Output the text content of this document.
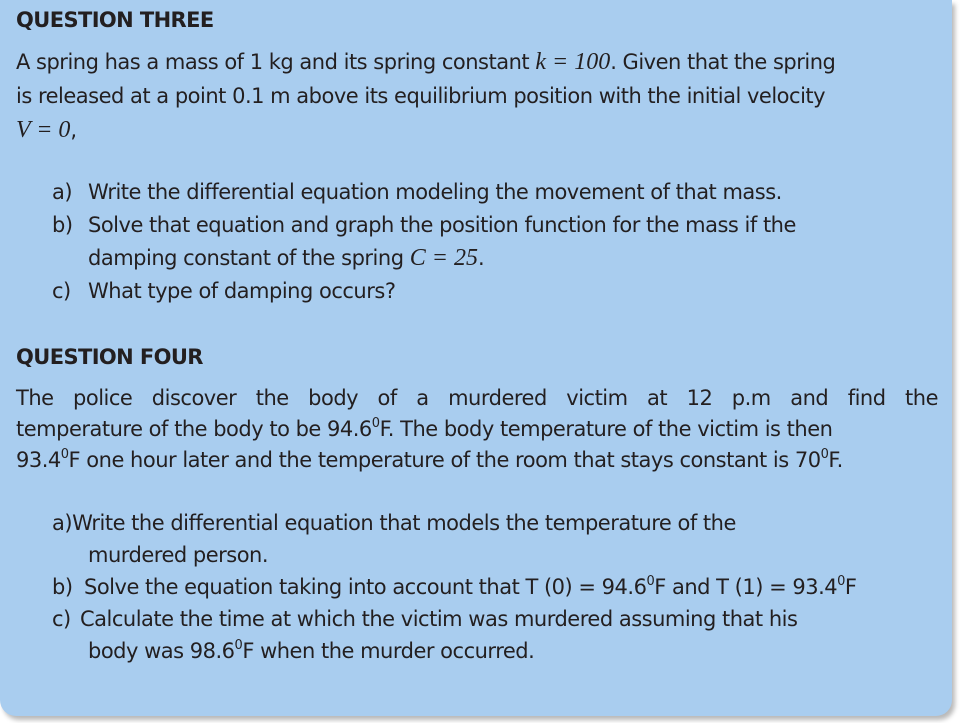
QUESTION THREE
A spring has a mass of 1 kg and its spring constant k = 100. Given that the spring
is released at a point 0.1 m above its equilibrium position with the initial velocity
V = 0,
a) Write the differential equation modeling the movement of that mass.
b) Solve that equation and graph the position function for the mass if the
damping constant of the spring C = 25.
c) What type of damping occurs?
QUESTION FOUR
The police discover the body of a murdered victim at 12 p.m and find the
temperature of the body to be 94.6$^0$F. The body temperature of the victim is then
93.4$^0$F one hour later and the temperature of the room that stays constant is $70^0F$.
a)Write the differential equation that models the temperature of the
murdered person.
b) Solve the equation taking into account that T $(0) = 94.6^0F$ and T $(1) = 93.4^0F$
c) Calculate the time at which the victim was murdered assuming that his
body was 98.6$^0$F when the murder occurred.
